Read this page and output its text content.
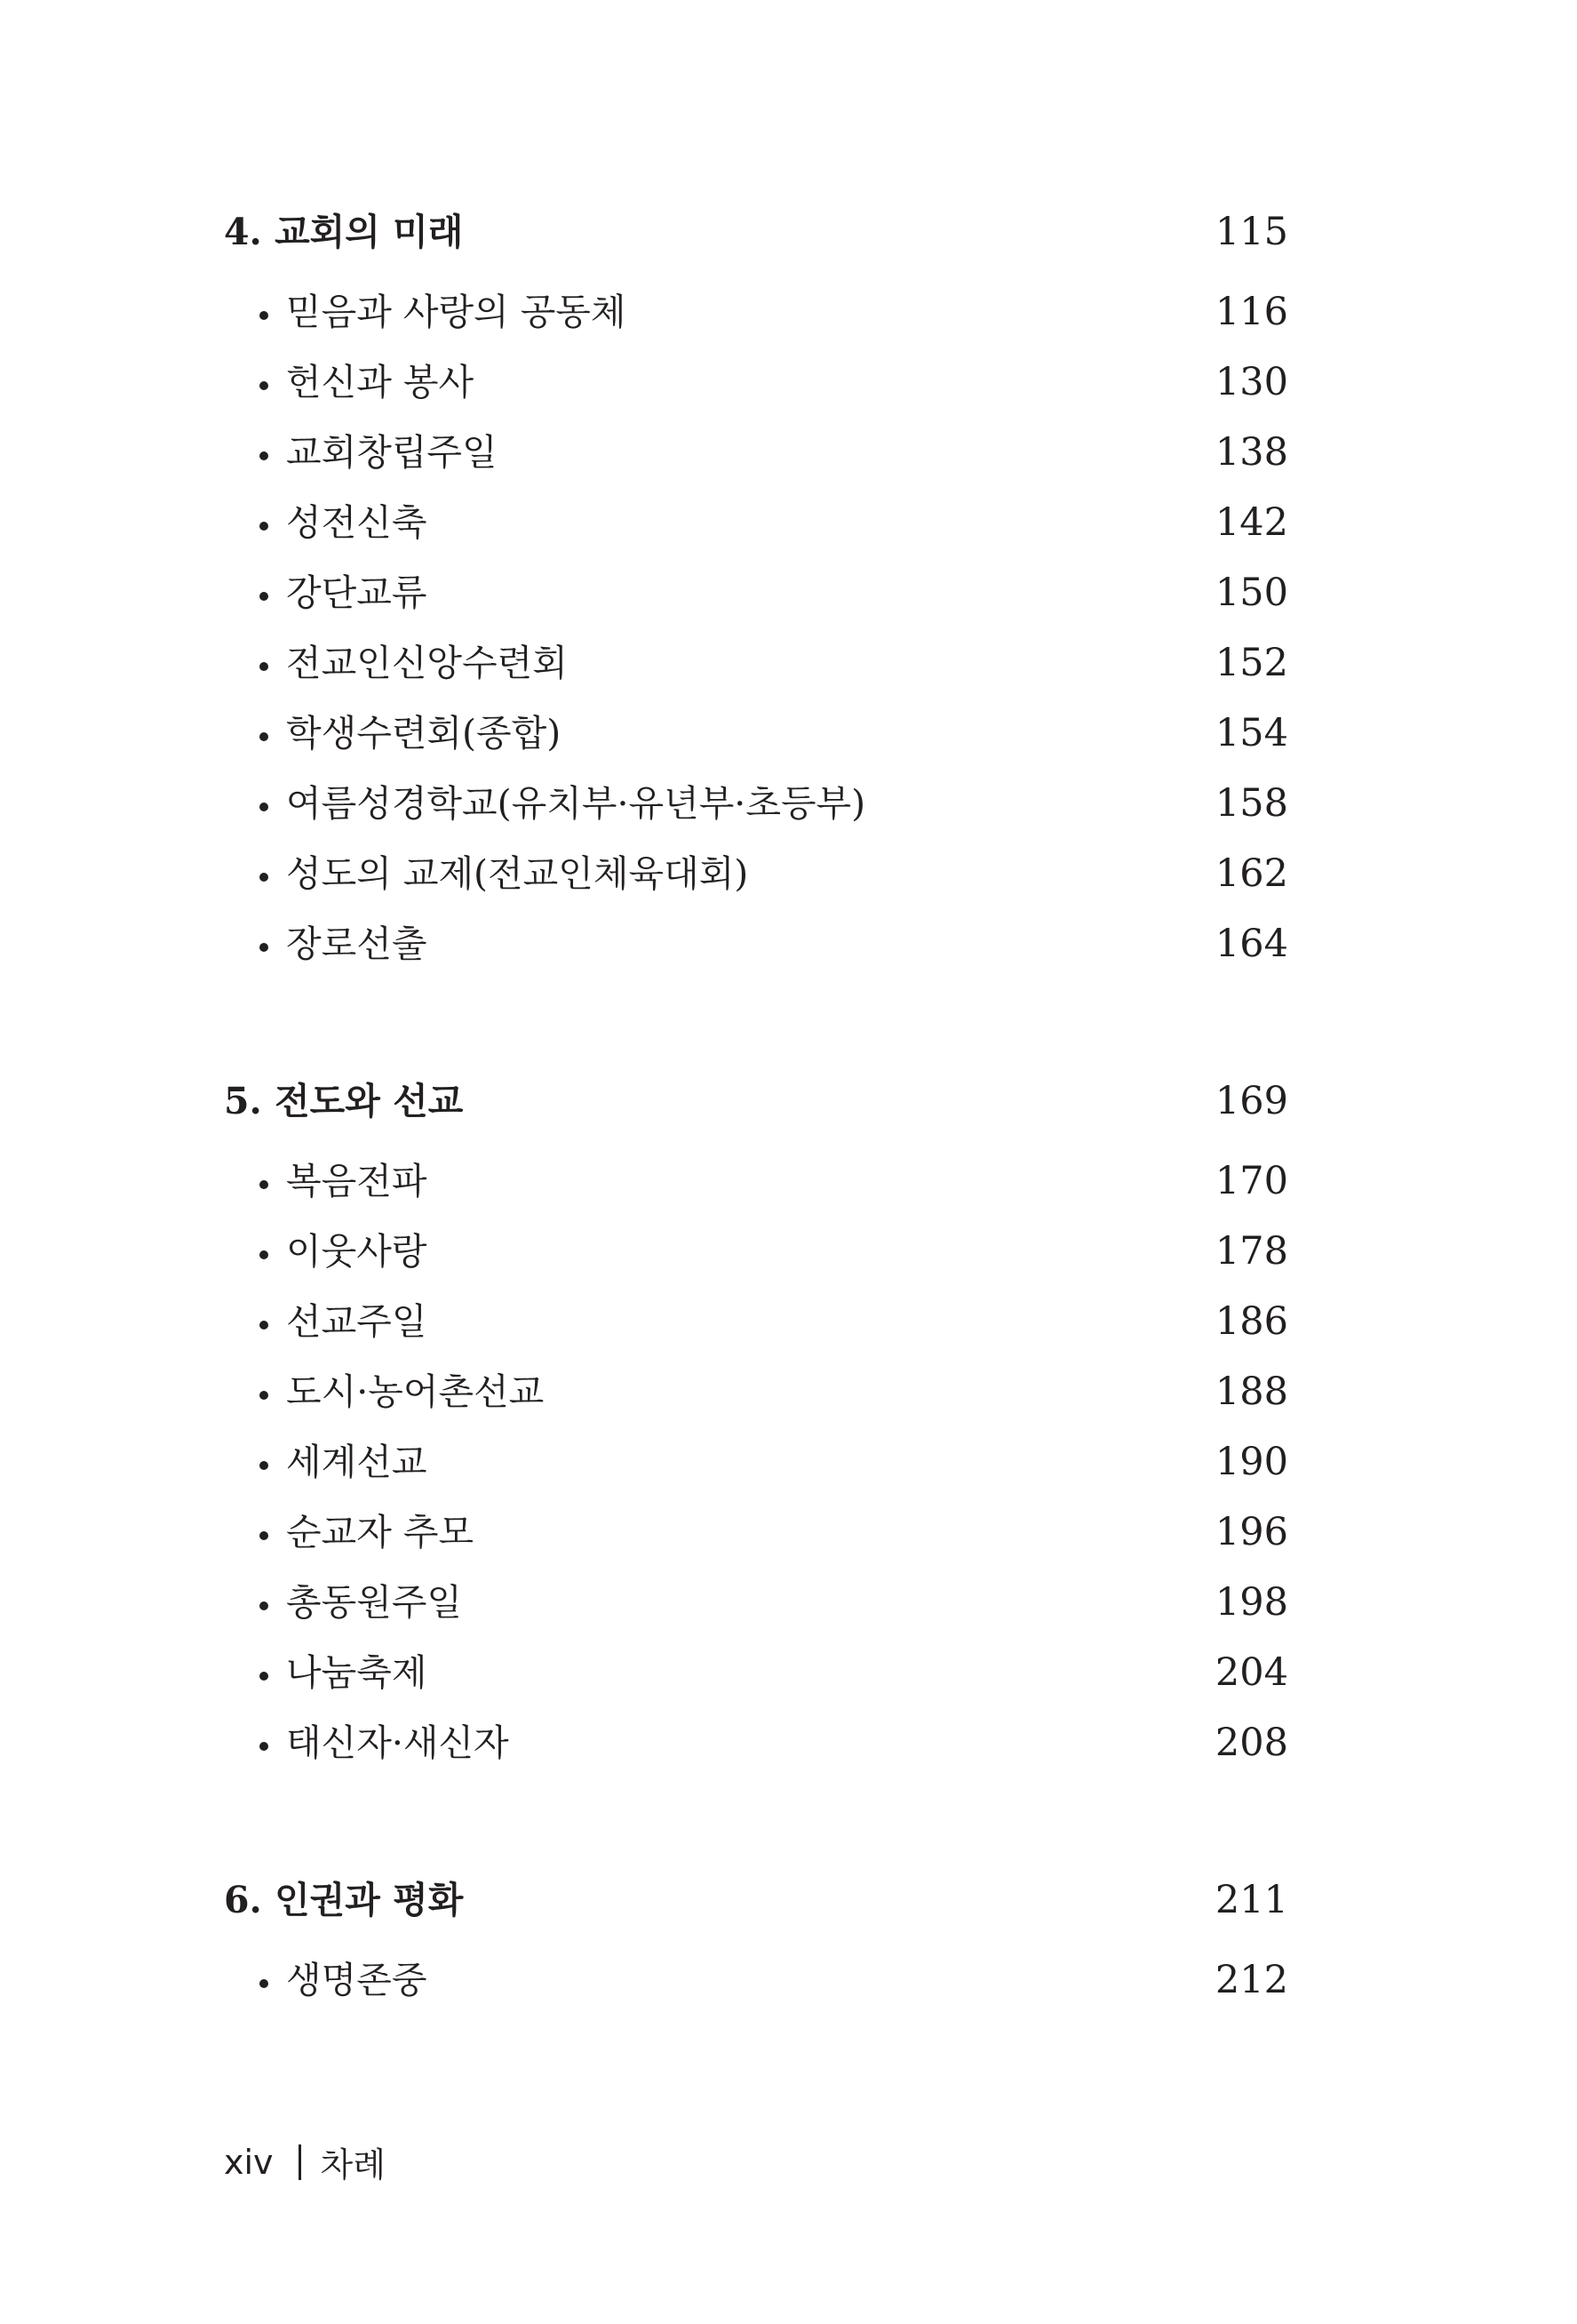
4. 교회의 미래	115
믿음과 사랑의 공동체	116
헌신과 봉사	130
교회창립주일	138
성전신축	142
강단교류	150
전교인신앙수련회	152
학생수련회(종합)	154
여름성경학교(유치부·유년부·초등부)	158
성도의 교제(전교인체육대회)	162
장로선출	164
5. 전도와 선교	169
복음전파	170
이웃사랑	178
선교주일	186
도시·농어촌선교	188
세계선교	190
순교자 추모	196
총동원주일	198
나눔축제	204
태신자·새신자	208
6. 인권과 평화	211
생명존중	212
xiv 차례
